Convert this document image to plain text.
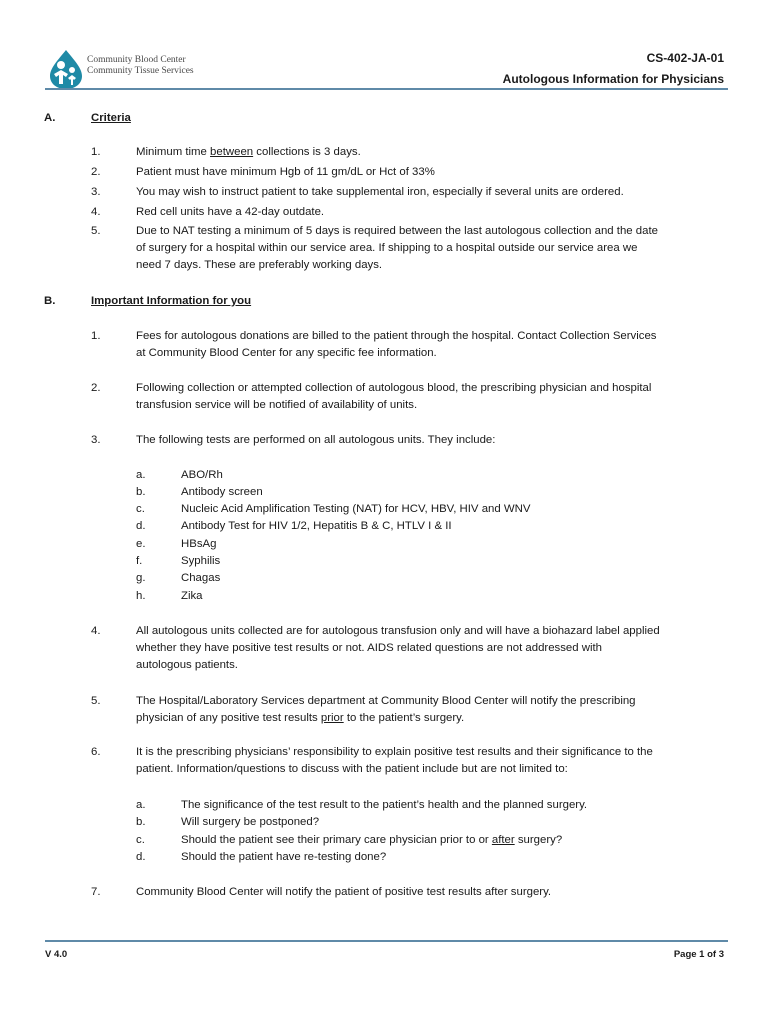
Community Blood Center
Community Tissue Services
CS-402-JA-01
Autologous Information for Physicians
A.	Criteria
1.	Minimum time between collections is 3 days.
2.	Patient must have minimum Hgb of 11 gm/dL or Hct of 33%
3.	You may wish to instruct patient to take supplemental iron, especially if several units are ordered.
4.	Red cell units have a 42-day outdate.
5.	Due to NAT testing a minimum of 5 days is required between the last autologous collection and the date
of surgery for a hospital within our service area. If shipping to a hospital outside our service area we
need 7 days. These are preferably working days.
B.	Important Information for you
1.	Fees for autologous donations are billed to the patient through the hospital. Contact Collection Services
at Community Blood Center for any specific fee information.
2.	Following collection or attempted collection of autologous blood, the prescribing physician and hospital
transfusion service will be notified of availability of units.
3.	The following tests are performed on all autologous units. They include:
a.	ABO/Rh
b.	Antibody screen
c.	Nucleic Acid Amplification Testing (NAT) for HCV, HBV, HIV and WNV
d.	Antibody Test for HIV 1/2, Hepatitis B & C, HTLV I & II
e.	HBsAg
f.	Syphilis
g.	Chagas
h.	Zika
4.	All autologous units collected are for autologous transfusion only and will have a biohazard label applied
whether they have positive test results or not. AIDS related questions are not addressed with
autologous patients.
5.	The Hospital/Laboratory Services department at Community Blood Center will notify the prescribing
physician of any positive test results prior to the patient’s surgery.
6.	It is the prescribing physicians’ responsibility to explain positive test results and their significance to the
patient. Information/questions to discuss with the patient include but are not limited to:
a.	The significance of the test result to the patient’s health and the planned surgery.
b.	Will surgery be postponed?
c.	Should the patient see their primary care physician prior to or after surgery?
d.	Should the patient have re-testing done?
7.	Community Blood Center will notify the patient of positive test results after surgery.
V 4.0	Page 1 of 3
